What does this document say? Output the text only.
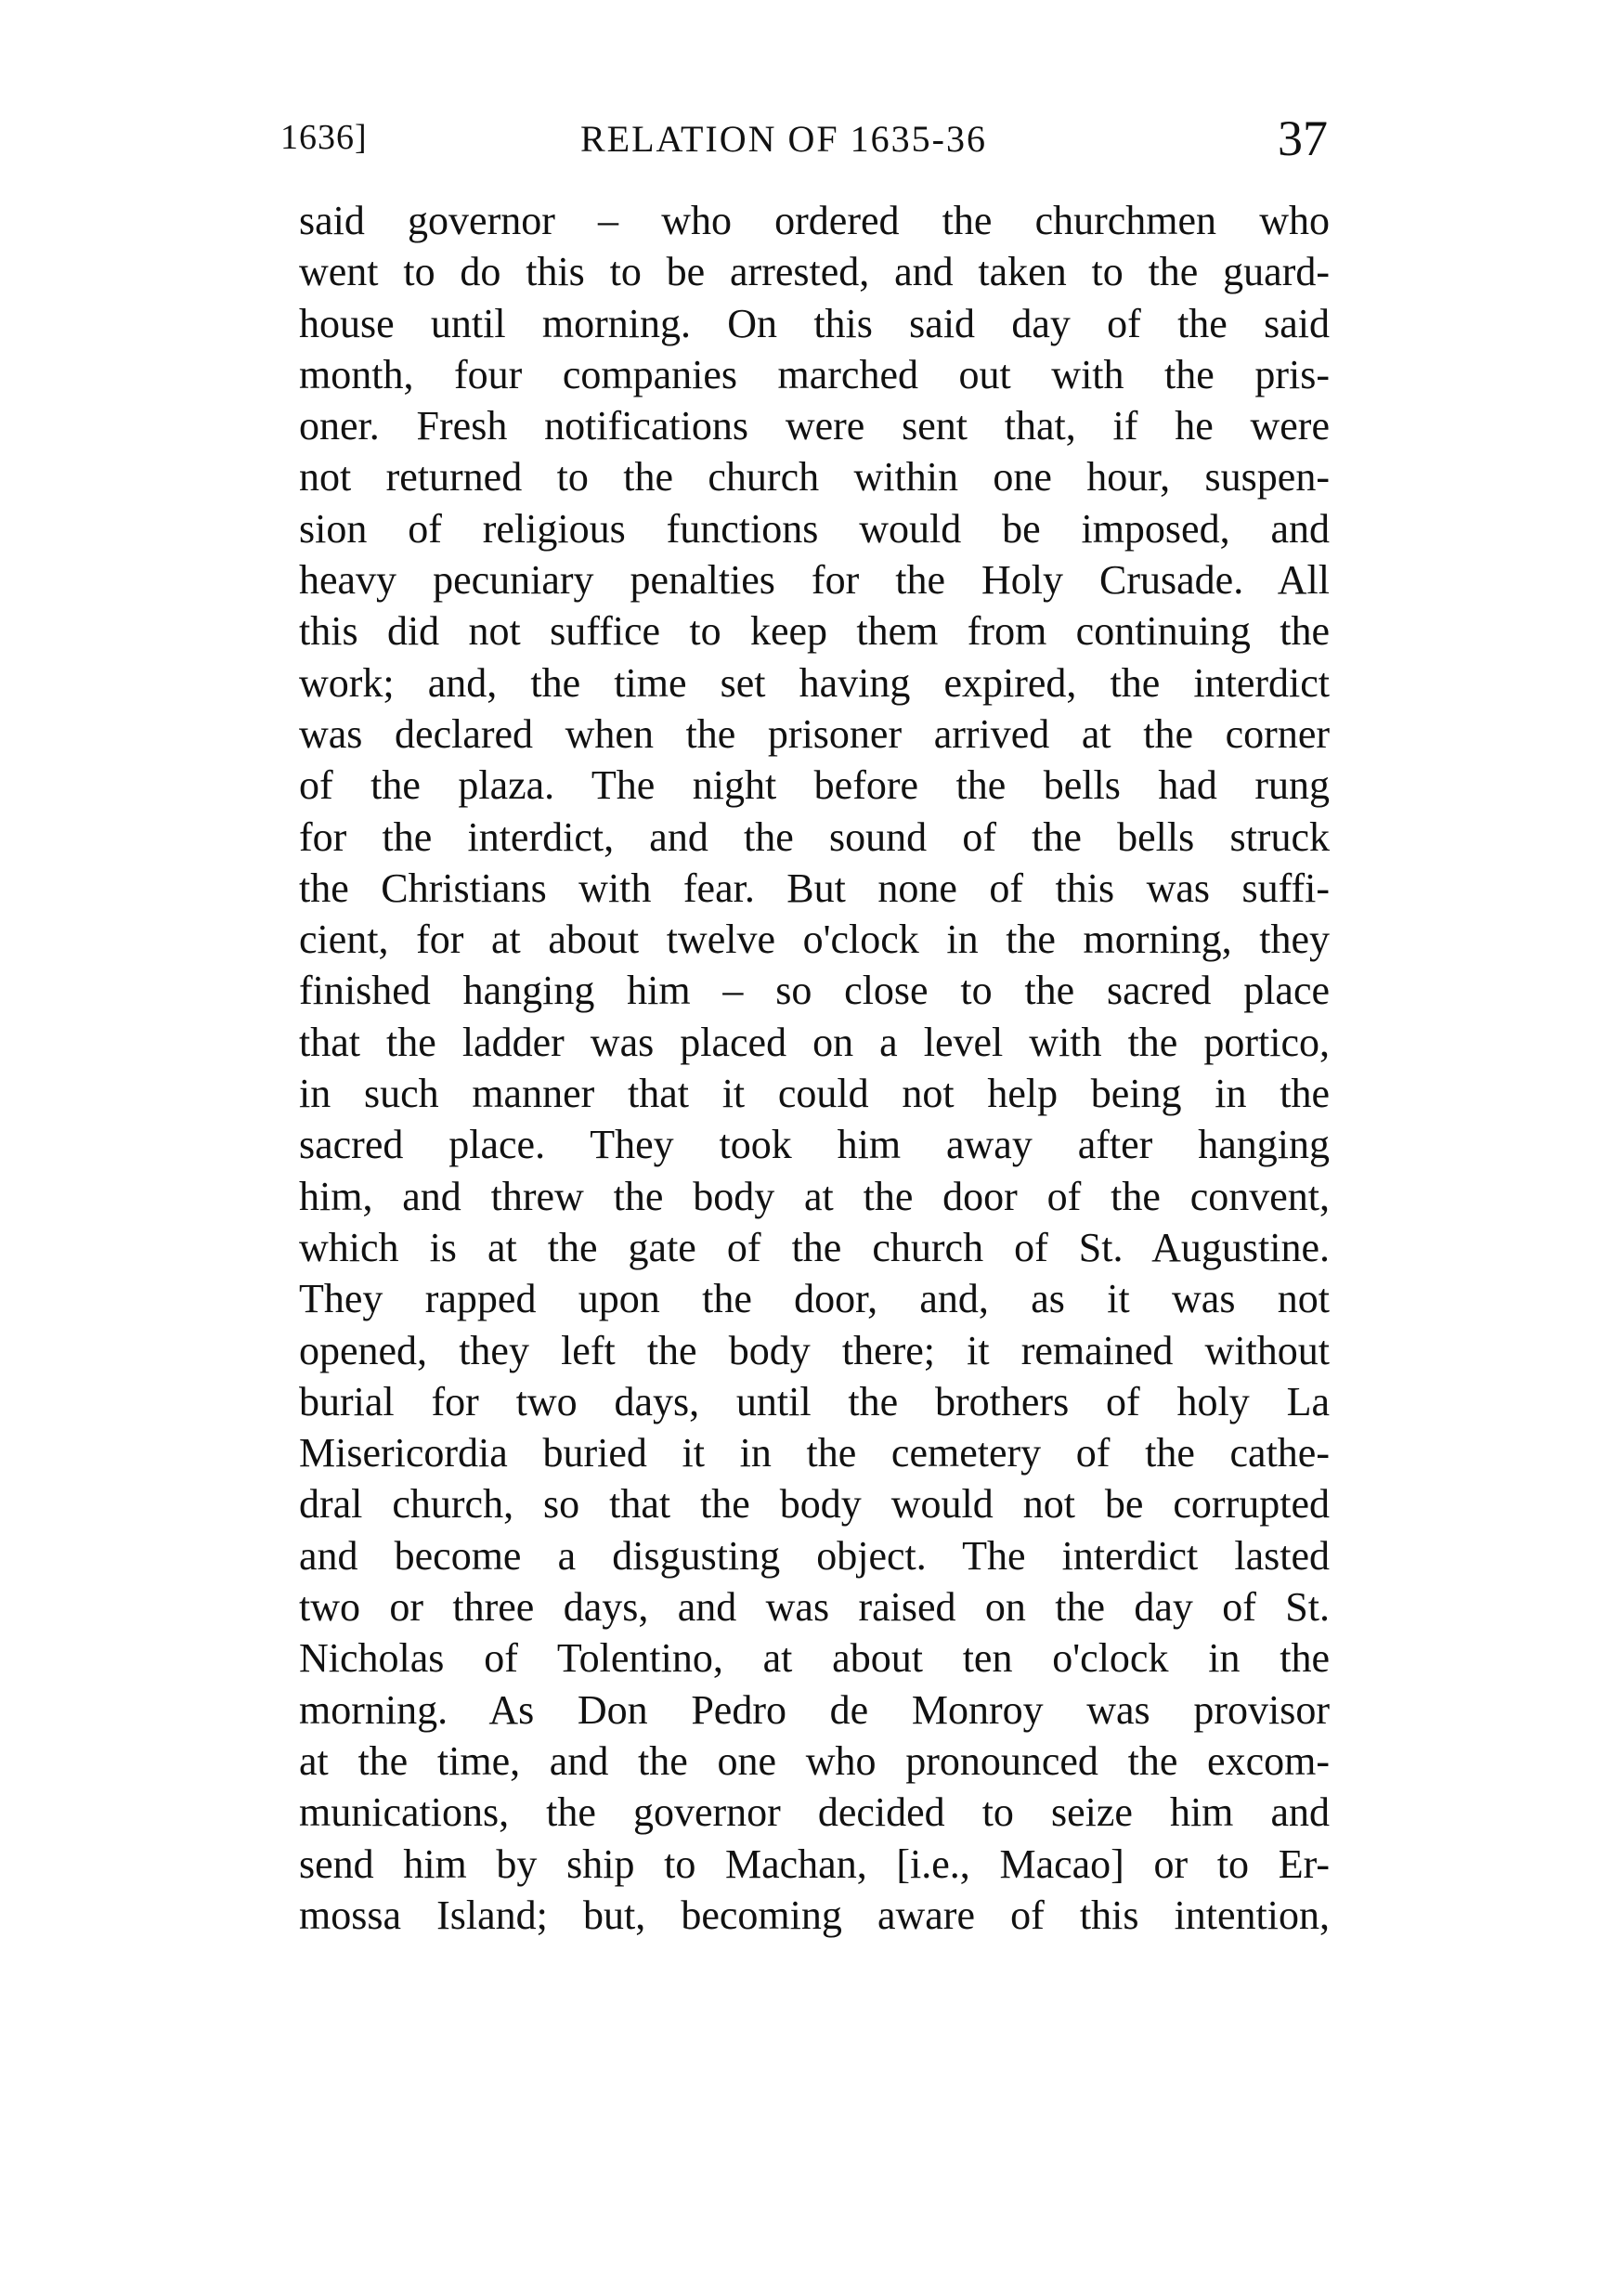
1636]	RELATION OF 1635-36	37
said governor – who ordered the churchmen who
went to do this to be arrested, and taken to the guard-
house until morning. On this said day of the said
month, four companies marched out with the pris-
oner. Fresh notifications were sent that, if he were
not returned to the church within one hour, suspen-
sion of religious functions would be imposed, and
heavy pecuniary penalties for the Holy Crusade. All
this did not suffice to keep them from continuing the
work; and, the time set having expired, the interdict
was declared when the prisoner arrived at the corner
of the plaza. The night before the bells had rung
for the interdict, and the sound of the bells struck
the Christians with fear. But none of this was suffi-
cient, for at about twelve o'clock in the morning, they
finished hanging him – so close to the sacred place
that the ladder was placed on a level with the portico,
in such manner that it could not help being in the
sacred place. They took him away after hanging
him, and threw the body at the door of the convent,
which is at the gate of the church of St. Augustine.
They rapped upon the door, and, as it was not
opened, they left the body there; it remained without
burial for two days, until the brothers of holy La
Misericordia buried it in the cemetery of the cathe-
dral church, so that the body would not be corrupted
and become a disgusting object. The interdict lasted
two or three days, and was raised on the day of St.
Nicholas of Tolentino, at about ten o'clock in the
morning. As Don Pedro de Monroy was provisor
at the time, and the one who pronounced the excom-
munications, the governor decided to seize him and
send him by ship to Machan, [i.e., Macao] or to Er-
mossa Island; but, becoming aware of this intention,
